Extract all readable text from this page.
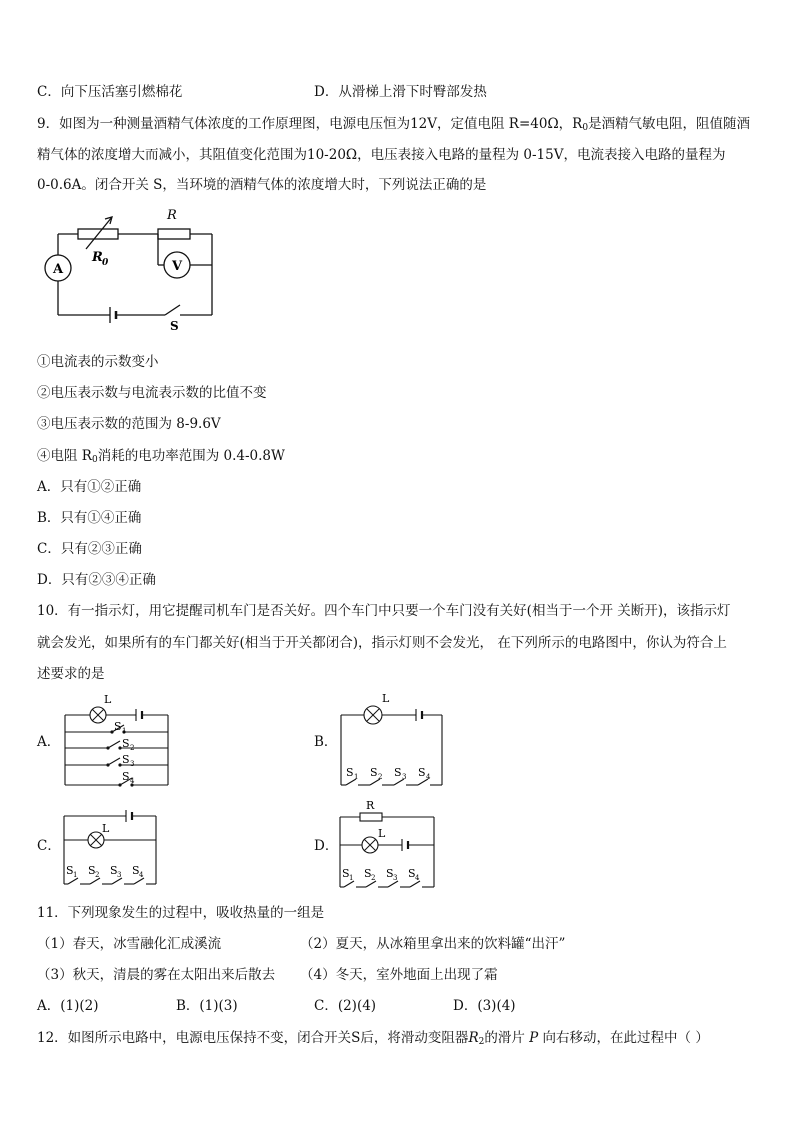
C．向下压活塞引燃棉花	D．从滑梯上滑下时臀部发热
9．如图为一种测量酒精气体浓度的工作原理图，电源电压恒为12V，定值电阻 R=40Ω，$R_0$是酒精气敏电阻，阻值随酒
精气体的浓度增大而减小，其阻值变化范围为10-20Ω，电压表接入电路的量程为 0-15V，电流表接入电路的量程为
0-0.6A。闭合开关 S，当环境的酒精气体的浓度增大时，下列说法正确的是
A	V
R
R 0
S
①电流表的示数变小
②电压表示数与电流表示数的比值不变
③电压表示数的范围为 8-9.6V
④电阻 $R_0$消耗的电功率范围为 0.4-0.8W
A．只有①②正确
B．只有①④正确
C．只有②③正确
D．只有②③④正确
10．有一指示灯，用它提醒司机车门是否关好。四个车门中只要一个车门没有关好(相当于一个开 关断开)，该指示灯
就会发光，如果所有的车门都关好(相当于开关都闭合)，指示灯则不会发光， 在下列所示的电路图中，你认为符合上
述要求的是
A．	B．
C．	D．
L
S 1
S 2
S 3
S 4
L
S 1 S 2 S 3 S 4
L
S 1 S 2 S 3 S 4
R
L
S 1 S 2 S 3 S 4
11．下列现象发生的过程中，吸收热量的一组是
（1）春天，冰雪融化汇成溪流	（2）夏天，从冰箱里拿出来的饮料罐“出汗”
（3）秋天，清晨的雾在太阳出来后散去 （4）冬天，室外地面上出现了霜
A．(1)(2)	B．(1)(3)	C．(2)(4)	D．(3)(4)
12．如图所示电路中，电源电压保持不变，闭合开关S后，将滑动变阻器$R_2$的滑片 P 向右移动，在此过程中（ ）
